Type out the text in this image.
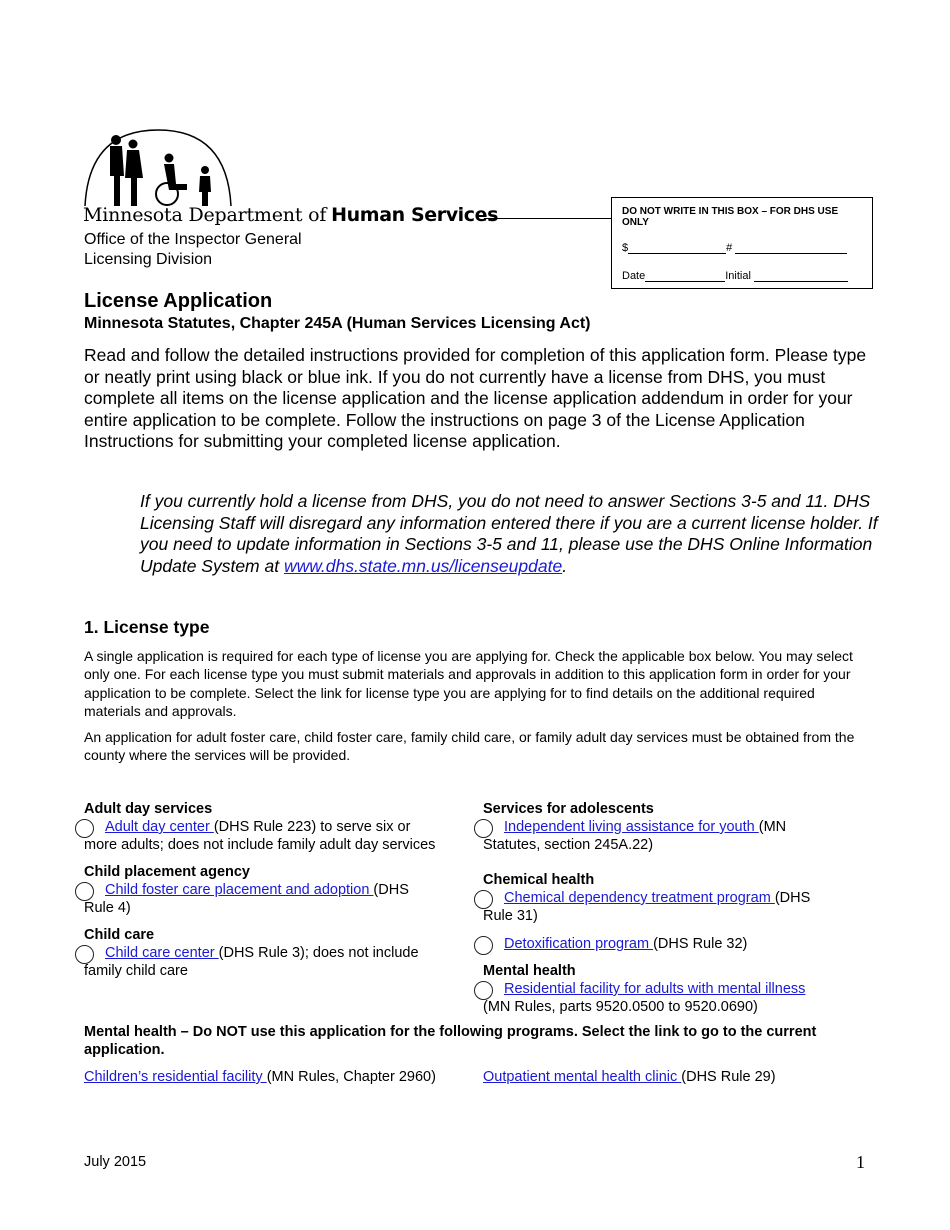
Minnesota Department of Human Services
Office of the Inspector General
Licensing Division
DO NOT WRITE IN THIS BOX – FOR DHS USE ONLY
$	#
Date	Initial
License Application
Minnesota Statutes, Chapter 245A (Human Services Licensing Act)
Read and follow the detailed instructions provided for completion of this application form. Please type or neatly print using black or blue ink. If you do not currently have a license from DHS, you must complete all items on the license application and the license application addendum in order for your entire application to be complete. Follow the instructions on page 3 of the License Application Instructions for submitting your completed license application.
If you currently hold a license from DHS, you do not need to answer Sections 3-5 and 11. DHS Licensing Staff will disregard any information entered there if you are a current license holder. If you need to update information in Sections 3-5 and 11, please use the DHS Online Information Update System at www.dhs.state.mn.us/licenseupdate.
1. License type
A single application is required for each type of license you are applying for. Check the applicable box below. You may select only one. For each license type you must submit materials and approvals in addition to this application form in order for your application to be complete. Select the link for license type you are applying for to find details on the additional required materials and approvals.
An application for adult foster care, child foster care, family child care, or family adult day services must be obtained from the county where the services will be provided.
Adult day services
Adult day center (DHS Rule 223) to serve six or
more adults; does not include family adult day services
Child placement agency
Child foster care placement and adoption (DHS
Rule 4)
Child care
Child care center (DHS Rule 3); does not include
family child care
Services for adolescents
Independent living assistance for youth (MN
Statutes, section 245A.22)
Chemical health
Chemical dependency treatment program (DHS
Rule 31)
Detoxification program (DHS Rule 32)
Mental health
Residential facility for adults with mental illness
(MN Rules, parts 9520.0500 to 9520.0690)
Mental health – Do NOT use this application for the following programs. Select the link to go to the current application.
Children’s residential facility (MN Rules, Chapter 2960)	Outpatient mental health clinic (DHS Rule 29)
July 2015	1
